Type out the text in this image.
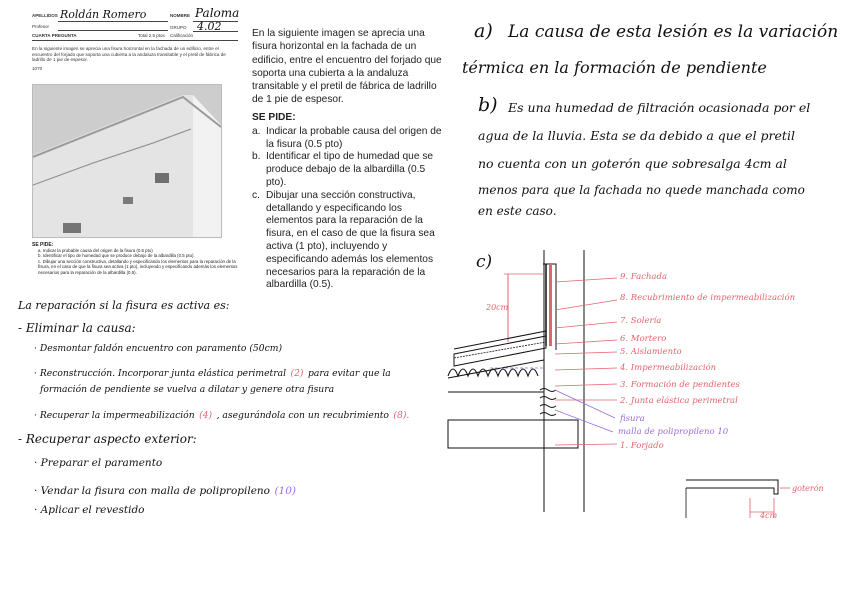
APELLIDOS Roldán Romero	NOMBRE Paloma
Profesor	GRUPO 4.02
CUARTA PREGUNTA	Total 2.5 ptos Calificación
En la siguiente imagen se aprecia una fisura horizontal en la fachada de un edificio, entre el encuentro del forjado que soporta una cubierta a la andaluza transitable y el pretil de fábrica de ladrillo de 1 pie de espesor.
1070
SE PIDE:
a. Indicar la probable causa del origen de la fisura (0.5 pto)
b. Identificar el tipo de humedad que se produce debajo de la albardilla (0.5 pto).
c. Dibujar una sección constructiva, detallando y especificando los elementos para la reparación de la fisura, en el caso de que la fisura sea activa (1 pto), incluyendo y especificando además los elementos necesarios para la reparación de la albardilla (0.5).
En la siguiente imagen se aprecia una fisura horizontal en la fachada de un edificio, entre el encuentro del forjado que soporta una cubierta a la andaluza transitable y el pretil de fábrica de ladrillo de 1 pie de espesor.
SE PIDE:
a. Indicar la probable causa del origen de la fisura (0.5 pto)
b. Identificar el tipo de humedad que se produce debajo de la albardilla (0.5 pto).
c. Dibujar una sección constructiva, detallando y especificando los elementos para la reparación de la fisura, en el caso de que la fisura sea activa (1 pto), incluyendo y especificando además los elementos necesarios para la reparación de la albardilla (0.5).
a) La causa de esta lesión es la variación
térmica en la formación de pendiente
b) Es una humedad de filtración ocasionada por el
agua de la lluvia. Esta se da debido a que el pretil
no cuenta con un goterón que sobresalga 4cm al
menos para que la fachada no quede manchada como
en este caso.
c)
20cm
9. Fachada
8. Recubrimiento de impermeabilización
7. Solería
6. Mortero
5. Aislamiento
4. Impermeabilización
3. Formación de pendientes
2. Junta elástica perimetral
fisura
malla de polipropileno 10
1. Forjado
goterón
4cm
La reparación si la fisura es activa es:
- Eliminar la causa:
· Desmontar faldón encuentro con paramento (50cm)
· Reconstrucción. Incorporar junta elástica perimetral (2) para evitar que la
formación de pendiente se vuelva a dilatar y genere otra fisura
· Recuperar la impermeabilización (4) , asegurándola con un recubrimiento (8).
- Recuperar aspecto exterior:
· Preparar el paramento
· Vendar la fisura con malla de polipropileno (10)
· Aplicar el revestido
